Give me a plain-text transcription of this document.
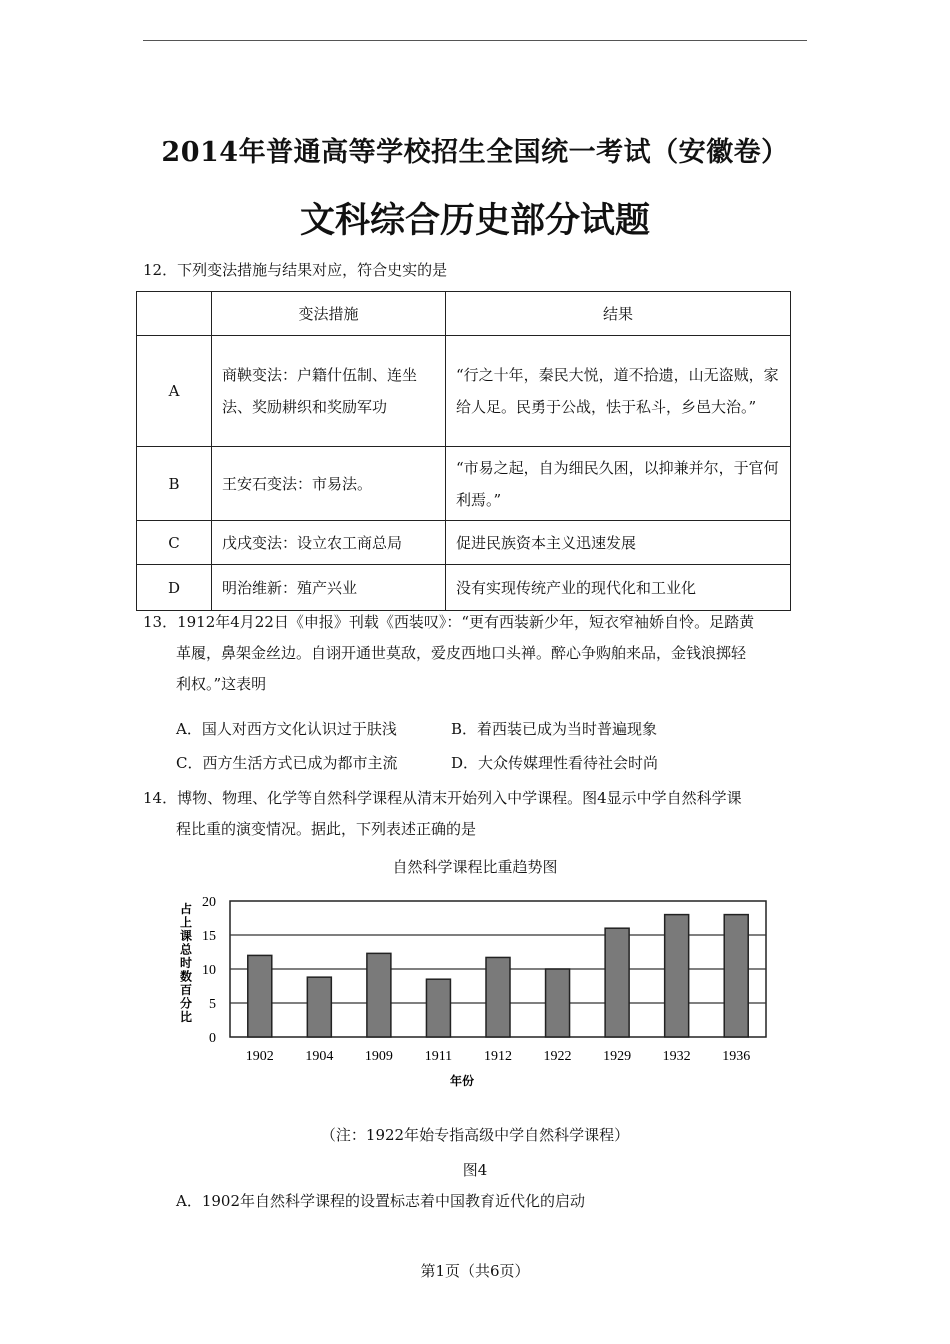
2014年普通高等学校招生全国统一考试（安徽卷）
文科综合历史部分试题
12．下列变法措施与结果对应，符合史实的是
	变法措施	结果
A	商鞅变法：户籍什伍制、连坐法、奖励耕织和奖励军功	“行之十年，秦民大悦，道不拾遗，山无盗贼，家给人足。民勇于公战，怯于私斗，乡邑大治。”
B	王安石变法：市易法。	“市易之起，自为细民久困，以抑兼并尔，于官何利焉。”
C	戊戌变法：设立农工商总局	促进民族资本主义迅速发展
D	明治维新：殖产兴业	没有实现传统产业的现代化和工业化
13．1912年4月22日《申报》刊载《西装叹》：“更有西装新少年，短衣窄袖娇自怜。足踏黄
革履，鼻架金丝边。自诩开通世莫敌，爱皮西地口头禅。醉心争购舶来品，金钱浪掷轻
利权。”这表明
A．国人对西方文化认识过于肤浅	B．着西装已成为当时普遍现象
C．西方生活方式已成为都市主流	D．大众传媒理性看待社会时尚
14．博物、物理、化学等自然科学课程从清末开始列入中学课程。图4显示中学自然科学课
程比重的演变情况。据此，下列表述正确的是
自然科学课程比重趋势图
占上课总时数百分比
0
5
10
15
20
1902 1904 1909 1911 1912 1922 1929 1932 1936
年份
（注：1922年始专指高级中学自然科学课程）
图4
A．1902年自然科学课程的设置标志着中国教育近代化的启动
第1页（共6页）
